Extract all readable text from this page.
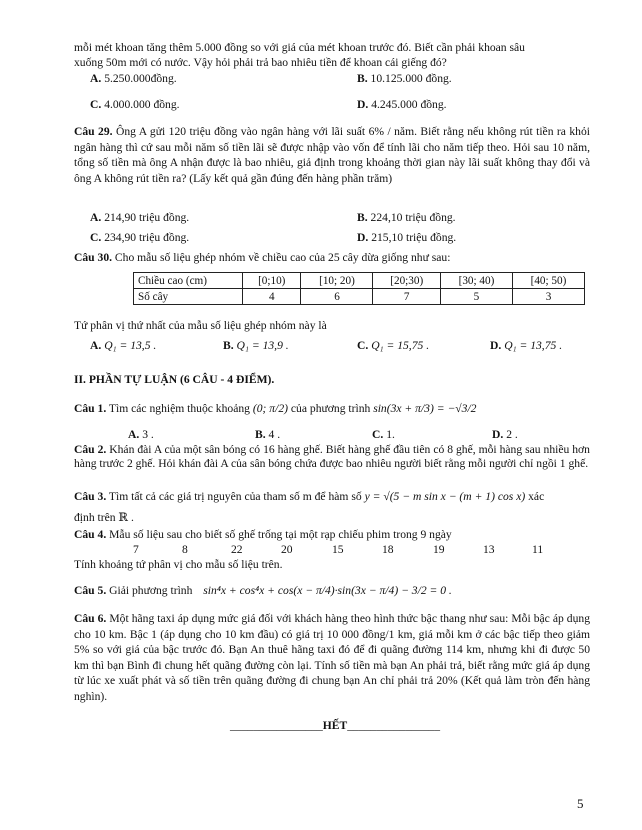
mỗi mét khoan tăng thêm 5.000 đồng so với giá của mét khoan trước đó. Biết cần phải khoan sâu
xuống 50m mới có nước. Vậy hỏi phải trả bao nhiêu tiền để khoan cái giếng đó?
A. 5.250.000đồng.	B. 10.125.000 đồng.
C. 4.000.000 đồng.	D. 4.245.000 đồng.
Câu 29. Ông A gửi 120 triệu đồng vào ngân hàng với lãi suất 6% / năm. Biết rằng nếu không rút tiền ra khỏi ngân hàng thì cứ sau mỗi năm số tiền lãi sẽ được nhập vào vốn để tính lãi cho năm tiếp theo. Hỏi sau 10 năm, tổng số tiền mà ông A nhận được là bao nhiêu, giả định trong khoảng thời gian này lãi suất không thay đổi và ông A không rút tiền ra? (Lấy kết quả gần đúng đến hàng phần trăm)
A. 214,90 triệu đồng.	B. 224,10 triệu đồng.
C. 234,90 triệu đồng.	D. 215,10 triệu đồng.
Câu 30. Cho mẫu số liệu ghép nhóm về chiều cao của 25 cây dừa giống như sau:
Chiều cao (cm)	[0;10)	[10; 20)	[20;30)	[30; 40)	[40; 50)
Số cây	4	6	7	5	3
Tứ phân vị thứ nhất của mẫu số liệu ghép nhóm này là
A. Q₁ = 13,5 .	B. Q₁ = 13,9 .	C. Q₁ = 15,75 .	D. Q₁ = 13,75 .
II. PHẦN TỰ LUẬN (6 CÂU - 4 ĐIỂM).
Câu 1. Tìm các nghiệm thuộc khoảng (0; π/2) của phương trình sin(3x + π/3) = −√3/2
A. 3 .	B. 4 .	C. 1.	D. 2 .
Câu 2. Khán đài A của một sân bóng có 16 hàng ghế. Biết hàng ghế đầu tiên có 8 ghế, mỗi hàng sau nhiều hơn hàng trước 2 ghế. Hỏi khán đài A của sân bóng chứa được bao nhiêu người biết rằng mỗi người chỉ ngồi 1 ghế.
Câu 3. Tìm tất cả các giá trị nguyên của tham số m để hàm số y = √(5 − m sin x − (m + 1) cos x) xác
định trên ℝ .
Câu 4. Mẫu số liệu sau cho biết số ghế trống tại một rạp chiếu phim trong 9 ngày
7	8	22	20	15	18	19	13	11
Tính khoảng tứ phân vị cho mẫu số liệu trên.
Câu 5. Giải phương trình sin⁴x + cos⁴x + cos(x − π/4)·sin(3x − π/4) − 3/2 = 0 .
Câu 6. Một hãng taxi áp dụng mức giá đối với khách hàng theo hình thức bậc thang như sau: Mỗi bậc áp dụng cho 10 km. Bậc 1 (áp dụng cho 10 km đầu) có giá trị 10 000 đồng/1 km, giá mỗi km ở các bậc tiếp theo giảm 5% so với giá của bậc trước đó. Bạn An thuê hãng taxi đó để đi quãng đường 114 km, nhưng khi đi được 50 km thì bạn Bình đi chung hết quãng đường còn lại. Tính số tiền mà bạn An phải trả, biết rằng mức giá áp dụng từ lúc xe xuất phát và số tiền trên quãng đường đi chung bạn An chỉ phải trả 20% (Kết quả làm tròn đến hàng nghìn).
________________HẾT________________
5
